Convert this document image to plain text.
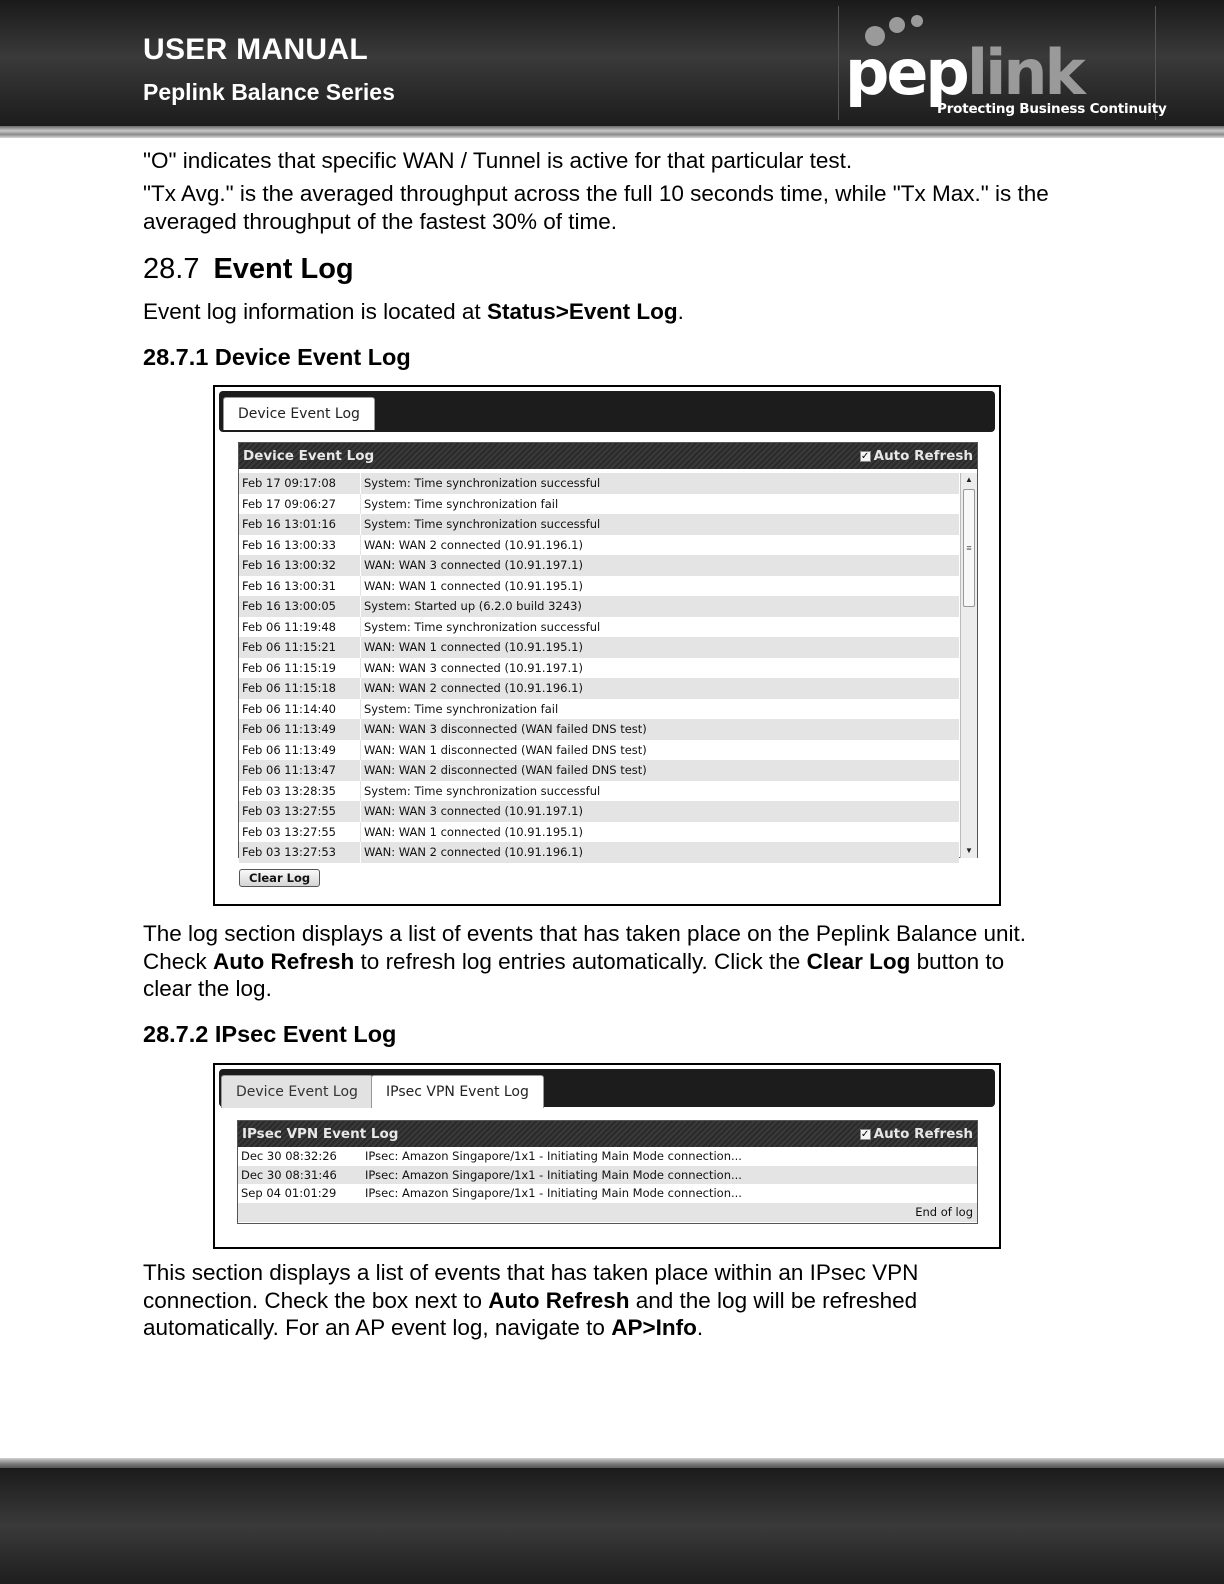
USER MANUAL
Peplink Balance Series	peplink
Protecting Business Continuity
"O" indicates that specific WAN / Tunnel is active for that particular test.
"Tx Avg." is the averaged throughput across the full 10 seconds time, while "Tx Max." is the averaged throughput of the fastest 30% of time.
28.7 Event Log
Event log information is located at Status>Event Log.
28.7.1 Device Event Log
Device Event Log
Device Event Log	✓ Auto Refresh
Feb 17 09:17:08	System: Time synchronization successful
Feb 17 09:06:27	System: Time synchronization fail
Feb 16 13:01:16	System: Time synchronization successful
Feb 16 13:00:33	WAN: WAN 2 connected (10.91.196.1)
Feb 16 13:00:32	WAN: WAN 3 connected (10.91.197.1)
Feb 16 13:00:31	WAN: WAN 1 connected (10.91.195.1)
Feb 16 13:00:05	System: Started up (6.2.0 build 3243)
Feb 06 11:19:48	System: Time synchronization successful
Feb 06 11:15:21	WAN: WAN 1 connected (10.91.195.1)
Feb 06 11:15:19	WAN: WAN 3 connected (10.91.197.1)
Feb 06 11:15:18	WAN: WAN 2 connected (10.91.196.1)
Feb 06 11:14:40	System: Time synchronization fail
Feb 06 11:13:49	WAN: WAN 3 disconnected (WAN failed DNS test)
Feb 06 11:13:49	WAN: WAN 1 disconnected (WAN failed DNS test)
Feb 06 11:13:47	WAN: WAN 2 disconnected (WAN failed DNS test)
Feb 03 13:28:35	System: Time synchronization successful
Feb 03 13:27:55	WAN: WAN 3 connected (10.91.197.1)
Feb 03 13:27:55	WAN: WAN 1 connected (10.91.195.1)
Feb 03 13:27:53	WAN: WAN 2 connected (10.91.196.1)
▲
≡
▼
Clear Log
The log section displays a list of events that has taken place on the Peplink Balance unit. Check Auto Refresh to refresh log entries automatically. Click the Clear Log button to clear the log.
28.7.2 IPsec Event Log
Device Event Log	IPsec VPN Event Log
IPsec VPN Event Log	✓ Auto Refresh
Dec 30 08:32:26	IPsec: Amazon Singapore/1x1 - Initiating Main Mode connection...
Dec 30 08:31:46	IPsec: Amazon Singapore/1x1 - Initiating Main Mode connection...
Sep 04 01:01:29	IPsec: Amazon Singapore/1x1 - Initiating Main Mode connection...
End of log
This section displays a list of events that has taken place within an IPsec VPN connection. Check the box next to Auto Refresh and the log will be refreshed automatically. For an AP event log, navigate to AP>Info.
